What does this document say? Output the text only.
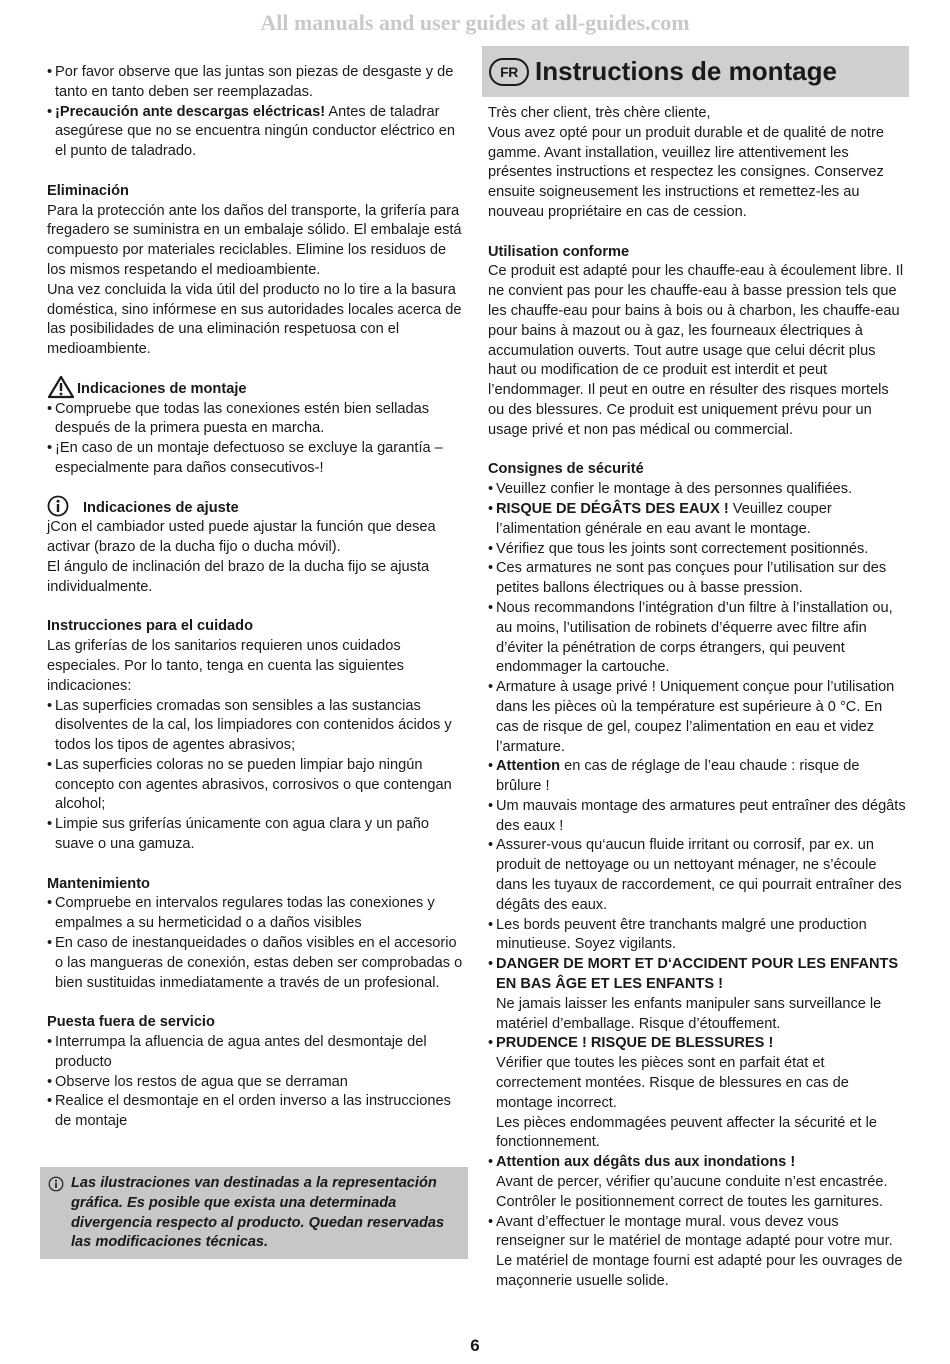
All manuals and user guides at all-guides.com
• Por favor observe que las juntas son piezas de desgaste y de tanto en tanto deben ser reemplazadas.
• ¡Precaución ante descargas eléctricas! Antes de taladrar asegúrese que no se encuentra ningún conductor eléctrico en el punto de taladrado.
Eliminación

Para la protección ante los daños del transporte, la grifería para fregadero se suministra en un embalaje sólido. El embalaje está compuesto por materiales reciclables. Elimine los residuos de los mismos respetando el medioambiente.

Una vez concluida la vida útil del producto no lo tire a la basura doméstica, sino infórmese en sus autoridades locales acerca de las posibilidades de una eliminación respetuosa con el medioambiente.

Indicaciones de montaje
• Compruebe que todas las conexiones estén bien selladas después de la primera puesta en marcha.
• ¡En caso de un montaje defectuoso se excluye la garantía –especialmente para daños consecutivos-!
Indicaciones de ajuste

jCon el cambiador usted puede ajustar la función que desea activar (brazo de la ducha fijo o ducha móvil).

El ángulo de inclinación del brazo de la ducha fijo se ajusta individualmente.

Instrucciones para el cuidado

Las griferías de los sanitarios requieren unos cuidados especiales. Por lo tanto, tenga en cuenta las siguientes indicaciones:

• Las superficies cromadas son sensibles a las sustancias disolventes de la cal, los limpiadores con contenidos ácidos y todos los tipos de agentes abrasivos;
• Las superficies coloras no se pueden limpiar bajo ningún concepto con agentes abrasivos, corrosivos o que contengan alcohol;
• Limpie sus griferías únicamente con agua clara y un paño suave o una gamuza.
Mantenimiento
• Compruebe en intervalos regulares todas las conexiones y empalmes a su hermeticidad o a daños visibles
• En caso de inestanqueidades o daños visibles en el accesorio o las mangueras de conexión, estas deben ser comprobadas o bien sustituidas inmediatamente a través de un profesional.
Puesta fuera de servicio
• Interrumpa la afluencia de agua antes del desmontaje del producto
• Observe los restos de agua que se derraman
• Realice el desmontaje en el orden inverso a las instrucciones de montaje
Las ilustraciones van destinadas a la representación gráfica. Es posible que exista una determinada divergencia respecto al producto. Quedan reservadas las modificaciones técnicas.
FR Instructions de montage

Très cher client, très chère cliente,

Vous avez opté pour un produit durable et de qualité de notre gamme. Avant installation, veuillez lire attentivement les présentes instructions et respectez les consignes. Conservez ensuite soigneusement les instructions et remettez-les au nouveau propriétaire en cas de cession.

Utilisation conforme

Ce produit est adapté pour les chauffe-eau à écoulement libre. Il ne convient pas pour les chauffe-eau à basse pression tels que les chauffe-eau pour bains à bois ou à charbon, les chauffe-eau pour bains à mazout ou à gaz, les fourneaux électriques à accumulation ouverts. Tout autre usage que celui décrit plus haut ou modification de ce produit est interdit et peut l’endommager. Il peut en outre en résulter des risques mortels ou des blessures. Ce produit est uniquement prévu pour un usage privé et non pas médical ou commercial.

Consignes de sécurité
• Veuillez confier le montage à des personnes qualifiées.
• RISQUE DE DÉGÂTS DES EAUX ! Veuillez couper l’alimentation générale en eau avant le montage.
• Vérifiez que tous les joints sont correctement positionnés.
• Ces armatures ne sont pas conçues pour l’utilisation sur des petites ballons électriques ou à basse pression.
• Nous recommandons l’intégration d’un filtre à l’installation ou, au moins, l’utilisation de robinets d’équerre avec filtre afin d’éviter la pénétration de corps étrangers, qui peuvent endommager la cartouche.
• Armature à usage privé ! Uniquement conçue pour l’utilisation dans les pièces où la température est supérieure à 0 °C. En cas de risque de gel, coupez l’alimentation en eau et videz l’armature.
• Attention en cas de réglage de l’eau chaude : risque de brûlure !
• Um mauvais montage des armatures peut entraîner des dégâts des eaux !
• Assurer-vous qu‘aucun fluide irritant ou corrosif, par ex. un produit de nettoyage ou un nettoyant ménager, ne s’écoule dans les tuyaux de raccordement, ce qui pourrait entraîner des dégâts des eaux.
• Les bords peuvent être tranchants malgré une production minutieuse. Soyez vigilants.
• DANGER DE MORT ET D‘ACCIDENT POUR LES ENFANTS EN BAS ÂGE ET LES ENFANTS !

Ne jamais laisser les enfants manipuler sans surveillance le matériel d’emballage. Risque d’étouffement.

• PRUDENCE ! RISQUE DE BLESSURES !

Vérifier que toutes les pièces sont en parfait état et correctement montées. Risque de blessures en cas de montage incorrect.

Les pièces endommagées peuvent affecter la sécurité et le fonctionnement.

• Attention aux dégâts dus aux inondations !

Avant de percer, vérifier qu’aucune conduite n’est encastrée. Contrôler le positionnement correct de toutes les garnitures.

• Avant d’effectuer le montage mural. vous devez vous renseigner sur le matériel de montage adapté pour votre mur. Le matériel de montage fourni est adapté pour les ouvrages de maçonnerie usuelle solide.
6
